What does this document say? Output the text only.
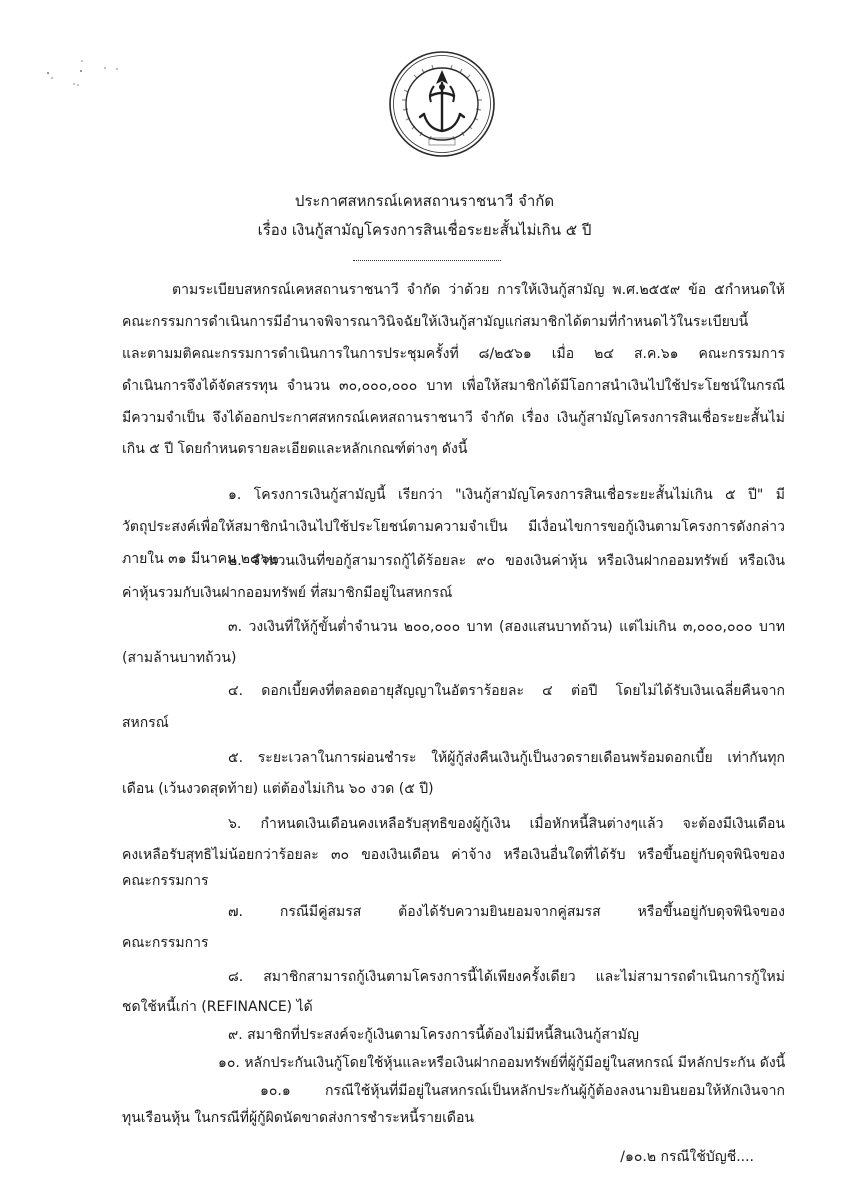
ประกาศสหกรณ์เคหสถานราชนาวี จำกัด
เรื่อง เงินกู้สามัญโครงการสินเชื่อระยะสั้นไม่เกิน ๕ ปี
ตามระเบียบสหกรณ์เคหสถานราชนาวี จำกัด ว่าด้วย การให้เงินกู้สามัญ พ.ศ.๒๕๕๙ ข้อ ๕กำหนดให้
คณะกรรมการดำเนินการมีอำนาจพิจารณาวินิจฉัยให้เงินกู้สามัญแก่สมาชิกได้ตามที่กำหนดไว้ในระเบียบนี้
และตามมติคณะกรรมการดำเนินการในการประชุมครั้งที่ ๘/๒๕๖๑ เมื่อ ๒๔ ส.ค.๖๑ คณะกรรมการ
ดำเนินการจึงได้จัดสรรทุน จำนวน ๓๐,๐๐๐,๐๐๐ บาท เพื่อให้สมาชิกได้มีโอกาสนำเงินไปใช้ประโยชน์ในกรณี
มีความจำเป็น จึงได้ออกประกาศสหกรณ์เคหสถานราชนาวี จำกัด เรื่อง เงินกู้สามัญโครงการสินเชื่อระยะสั้นไม่
เกิน ๕ ปี โดยกำหนดรายละเอียดและหลักเกณฑ์ต่างๆ ดังนี้
๑. โครงการเงินกู้สามัญนี้ เรียกว่า "เงินกู้สามัญโครงการสินเชื่อระยะสั้นไม่เกิน ๕ ปี" มี
วัตถุประสงค์เพื่อให้สมาชิกนำเงินไปใช้ประโยชน์ตามความจำเป็น มีเงื่อนไขการขอกู้เงินตามโครงการดังกล่าว
ภายใน ๓๑ มีนาคม ๒๕๖๒
๒. จำนวนเงินที่ขอกู้สามารถกู้ได้ร้อยละ ๙๐ ของเงินค่าหุ้น หรือเงินฝากออมทรัพย์ หรือเงิน
ค่าหุ้นรวมกับเงินฝากออมทรัพย์ ที่สมาชิกมีอยู่ในสหกรณ์
๓. วงเงินที่ให้กู้ขั้นต่ำจำนวน ๒๐๐,๐๐๐ บาท (สองแสนบาทถ้วน) แต่ไม่เกิน ๓,๐๐๐,๐๐๐ บาท
(สามล้านบาทถ้วน)
๔. ดอกเบี้ยคงที่ตลอดอายุสัญญาในอัตราร้อยละ ๔ ต่อปี โดยไม่ได้รับเงินเฉลี่ยคืนจาก
สหกรณ์
๕. ระยะเวลาในการผ่อนชำระ ให้ผู้กู้ส่งคืนเงินกู้เป็นงวดรายเดือนพร้อมดอกเบี้ย เท่ากันทุก
เดือน (เว้นงวดสุดท้าย) แต่ต้องไม่เกิน ๖๐ งวด (๕ ปี)
๖. กำหนดเงินเดือนคงเหลือรับสุทธิของผู้กู้เงิน เมื่อหักหนี้สินต่างๆแล้ว จะต้องมีเงินเดือน
คงเหลือรับสุทธิไม่น้อยกว่าร้อยละ ๓๐ ของเงินเดือน ค่าจ้าง หรือเงินอื่นใดที่ได้รับ หรือขึ้นอยู่กับดุจพินิจของ
คณะกรรมการ
๗. กรณีมีคู่สมรส ต้องได้รับความยินยอมจากคู่สมรส หรือขึ้นอยู่กับดุจพินิจของ
คณะกรรมการ
๘. สมาชิกสามารถกู้เงินตามโครงการนี้ได้เพียงครั้งเดียว และไม่สามารถดำเนินการกู้ใหม่
ชดใช้หนี้เก่า (REFINANCE) ได้
๙. สมาชิกที่ประสงค์จะกู้เงินตามโครงการนี้ต้องไม่มีหนี้สินเงินกู้สามัญ
๑๐. หลักประกันเงินกู้โดยใช้หุ้นและหรือเงินฝากออมทรัพย์ที่ผู้กู้มีอยู่ในสหกรณ์ มีหลักประกัน ดังนี้
๑๐.๑ กรณีใช้หุ้นที่มีอยู่ในสหกรณ์เป็นหลักประกันผู้กู้ต้องลงนามยินยอมให้หักเงินจาก
ทุนเรือนหุ้น ในกรณีที่ผู้กู้ผิดนัดขาดส่งการชำระหนี้รายเดือน
/๑๐.๒ กรณีใช้บัญชี....
